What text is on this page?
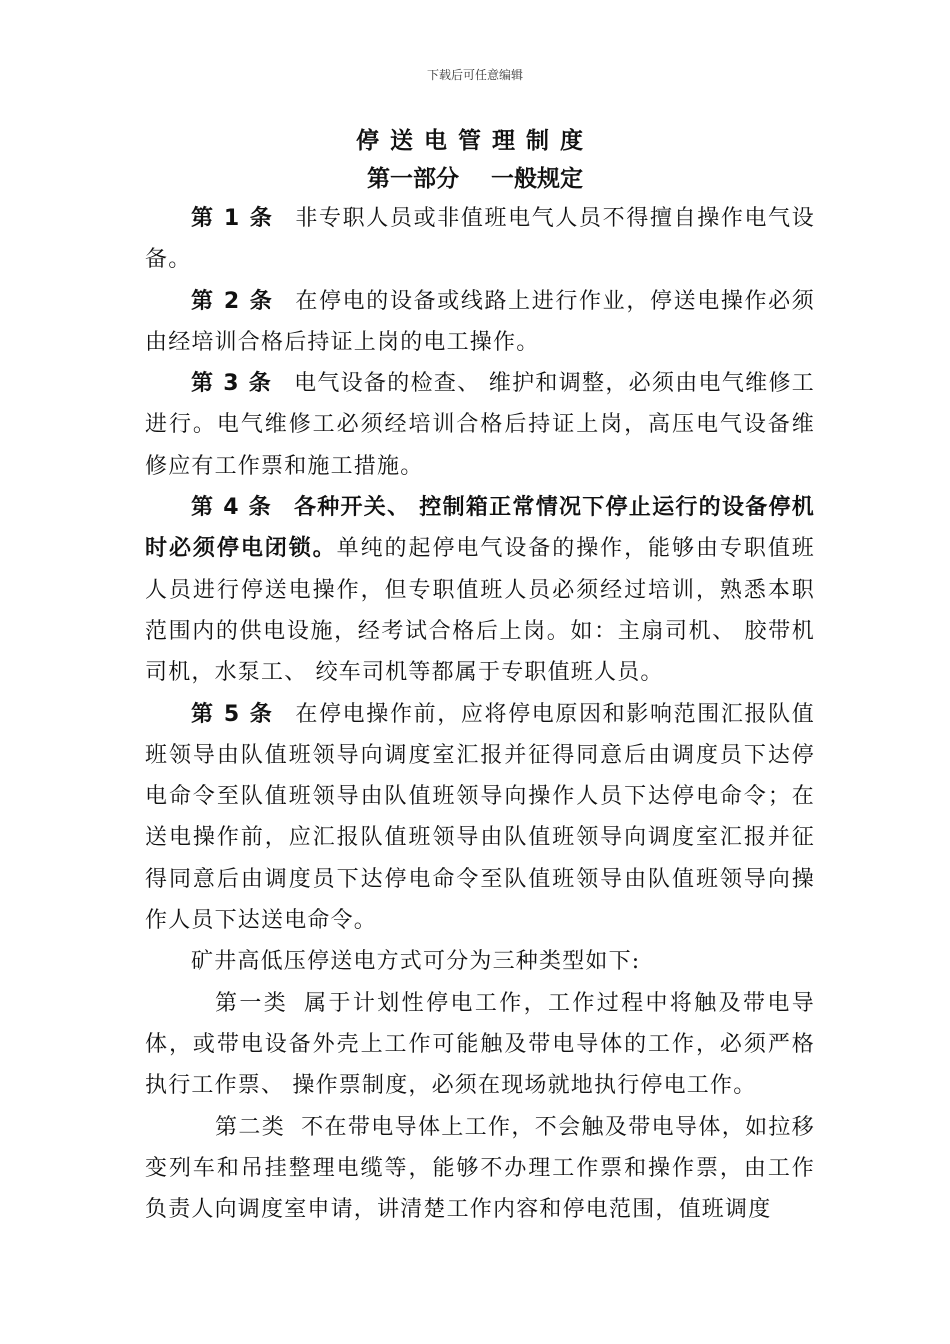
下载后可任意编辑
停送电管理制度
第一部分    一般规定

第 1 条 非专职人员或非值班电气人员不得擅自操作电气设备。

第 2 条 在停电的设备或线路上进行作业，停送电操作必须由经培训合格后持证上岗的电工操作。

第 3 条 电气设备的检查、 维护和调整，必须由电气维修工进行。电气维修工必须经培训合格后持证上岗，高压电气设备维修应有工作票和施工措施。

第 4 条 各种开关、 控制箱正常情况下停止运行的设备停机时必须停电闭锁。单纯的起停电气设备的操作，能够由专职值班人员进行停送电操作，但专职值班人员必须经过培训，熟悉本职范围内的供电设施，经考试合格后上岗。如：主扇司机、 胶带机司机，水泵工、 绞车司机等都属于专职值班人员。

第 5 条 在停电操作前，应将停电原因和影响范围汇报队值班领导由队值班领导向调度室汇报并征得同意后由调度员下达停电命令至队值班领导由队值班领导向操作人员下达停电命令；在送电操作前，应汇报队值班领导由队值班领导向调度室汇报并征得同意后由调度员下达停电命令至队值班领导由队值班领导向操作人员下达送电命令。

矿井高低压停送电方式可分为三种类型如下:

第一类 属于计划性停电工作，工作过程中将触及带电导体，或带电设备外壳上工作可能触及带电导体的工作，必须严格执行工作票、 操作票制度，必须在现场就地执行停电工作。

第二类 不在带电导体上工作，不会触及带电导体，如拉移变列车和吊挂整理电缆等，能够不办理工作票和操作票，由工作负责人向调度室申请，讲清楚工作内容和停电范围，值班调度
